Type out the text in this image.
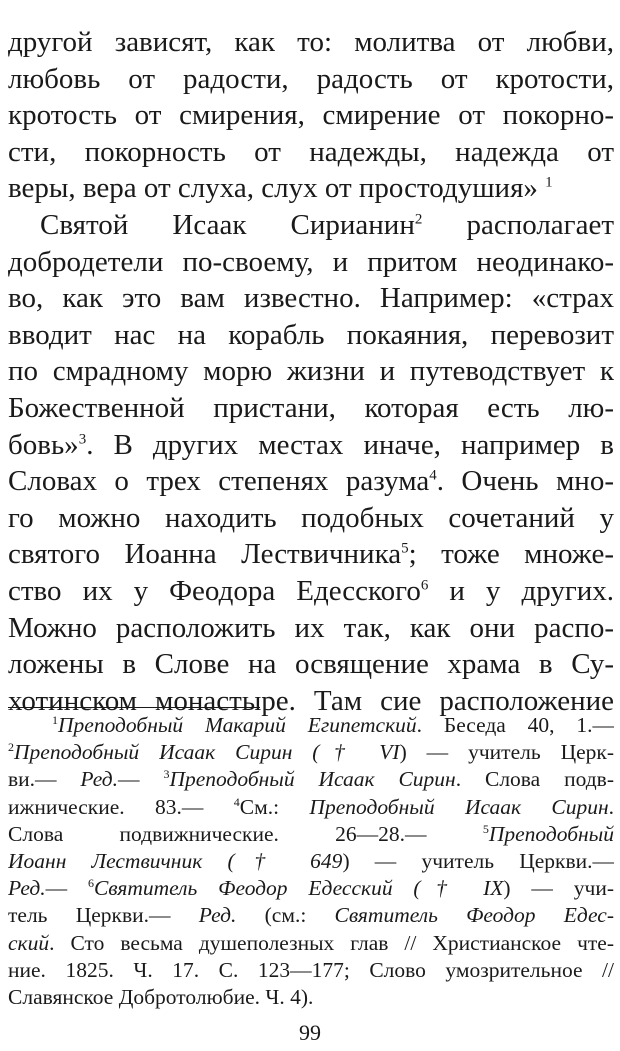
другой зависят, как то: молитва от любви,
любовь от радости, радость от кротости,
кротость от смирения, смирение от покорно-
сти, покорность от надежды, надежда от
веры, вера от слуха, слух от простодушия» $^1$
Святой Исаак Сирианин$^2$ располагает
добродетели по-своему, и притом неодинако-
во, как это вам известно. Например: «страх
вводит нас на корабль покаяния, перевозит
по смрадному морю жизни и путеводствует к
Божественной пристани, которая есть лю-
бовь»$^3$. В других местах иначе, например в
Словах о трех степенях разума$^4$. Очень мно-
го можно находить подобных сочетаний у
святого Иоанна Лествичника$^5$; тоже множе-
ство их у Феодора Едесского$^6$ и у других.
Можно расположить их так, как они распо-
ложены в Слове на освящение храма в Су-
хотинском монастыре. Там сие расположение
$^1$Преподобный Макарий Египетский. Беседа 40, 1.—
$^2$Преподобный Исаак Сирин († VI) — учитель Церк-
ви.— Ред.— $^3$Преподобный Исаак Сирин. Слова подв-
ижнические. 83.— $^4$См.: Преподобный Исаак Сирин.
Слова подвижнические. 26—28.— $^5$Преподобный
Иоанн Лествичник († 649) — учитель Церкви.—
Ред.— $^6$Святитель Феодор Едесский († IX) — учи-
тель Церкви.— Ред. (см.: Святитель Феодор Едес-
ский. Сто весьма душеполезных глав // Христианское чте-
ние. 1825. Ч. 17. С. 123—177; Слово умозрительное //
Славянское Добротолюбие. Ч. 4).
99
